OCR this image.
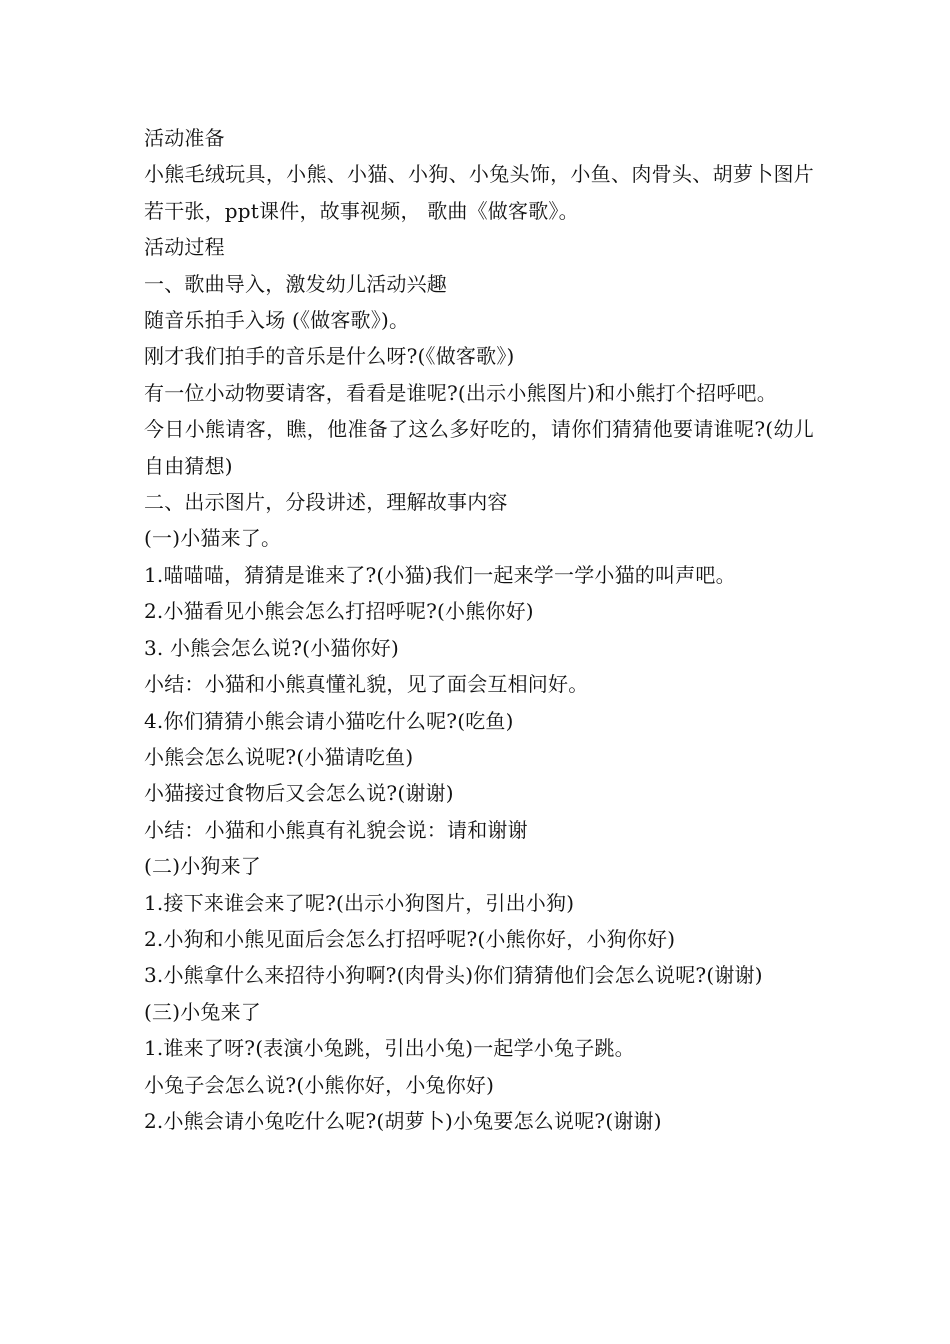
活动准备

小熊毛绒玩具，小熊、小猫、小狗、小兔头饰，小鱼、肉骨头、胡萝卜图片若干张，ppt课件，故事视频， 歌曲《做客歌》。

活动过程

一、歌曲导入，激发幼儿活动兴趣

随音乐拍手入场 (《做客歌》)。

刚才我们拍手的音乐是什么呀?(《做客歌》)

有一位小动物要请客，看看是谁呢?(出示小熊图片)和小熊打个招呼吧。

今日小熊请客，瞧，他准备了这么多好吃的，请你们猜猜他要请谁呢?(幼儿自由猜想)

二、出示图片，分段讲述，理解故事内容

(一)小猫来了。

1.喵喵喵，猜猜是谁来了?(小猫)我们一起来学一学小猫的叫声吧。

2.小猫看见小熊会怎么打招呼呢?(小熊你好)

3. 小熊会怎么说?(小猫你好)

小结：小猫和小熊真懂礼貌，见了面会互相问好。

4.你们猜猜小熊会请小猫吃什么呢?(吃鱼)

小熊会怎么说呢?(小猫请吃鱼)

小猫接过食物后又会怎么说?(谢谢)

小结：小猫和小熊真有礼貌会说：请和谢谢

(二)小狗来了

1.接下来谁会来了呢?(出示小狗图片，引出小狗)

2.小狗和小熊见面后会怎么打招呼呢?(小熊你好，小狗你好)

3.小熊拿什么来招待小狗啊?(肉骨头)你们猜猜他们会怎么说呢?(谢谢)

(三)小兔来了

1.谁来了呀?(表演小兔跳，引出小兔)一起学小兔子跳。

小兔子会怎么说?(小熊你好，小兔你好)

2.小熊会请小兔吃什么呢?(胡萝卜)小兔要怎么说呢?(谢谢)
